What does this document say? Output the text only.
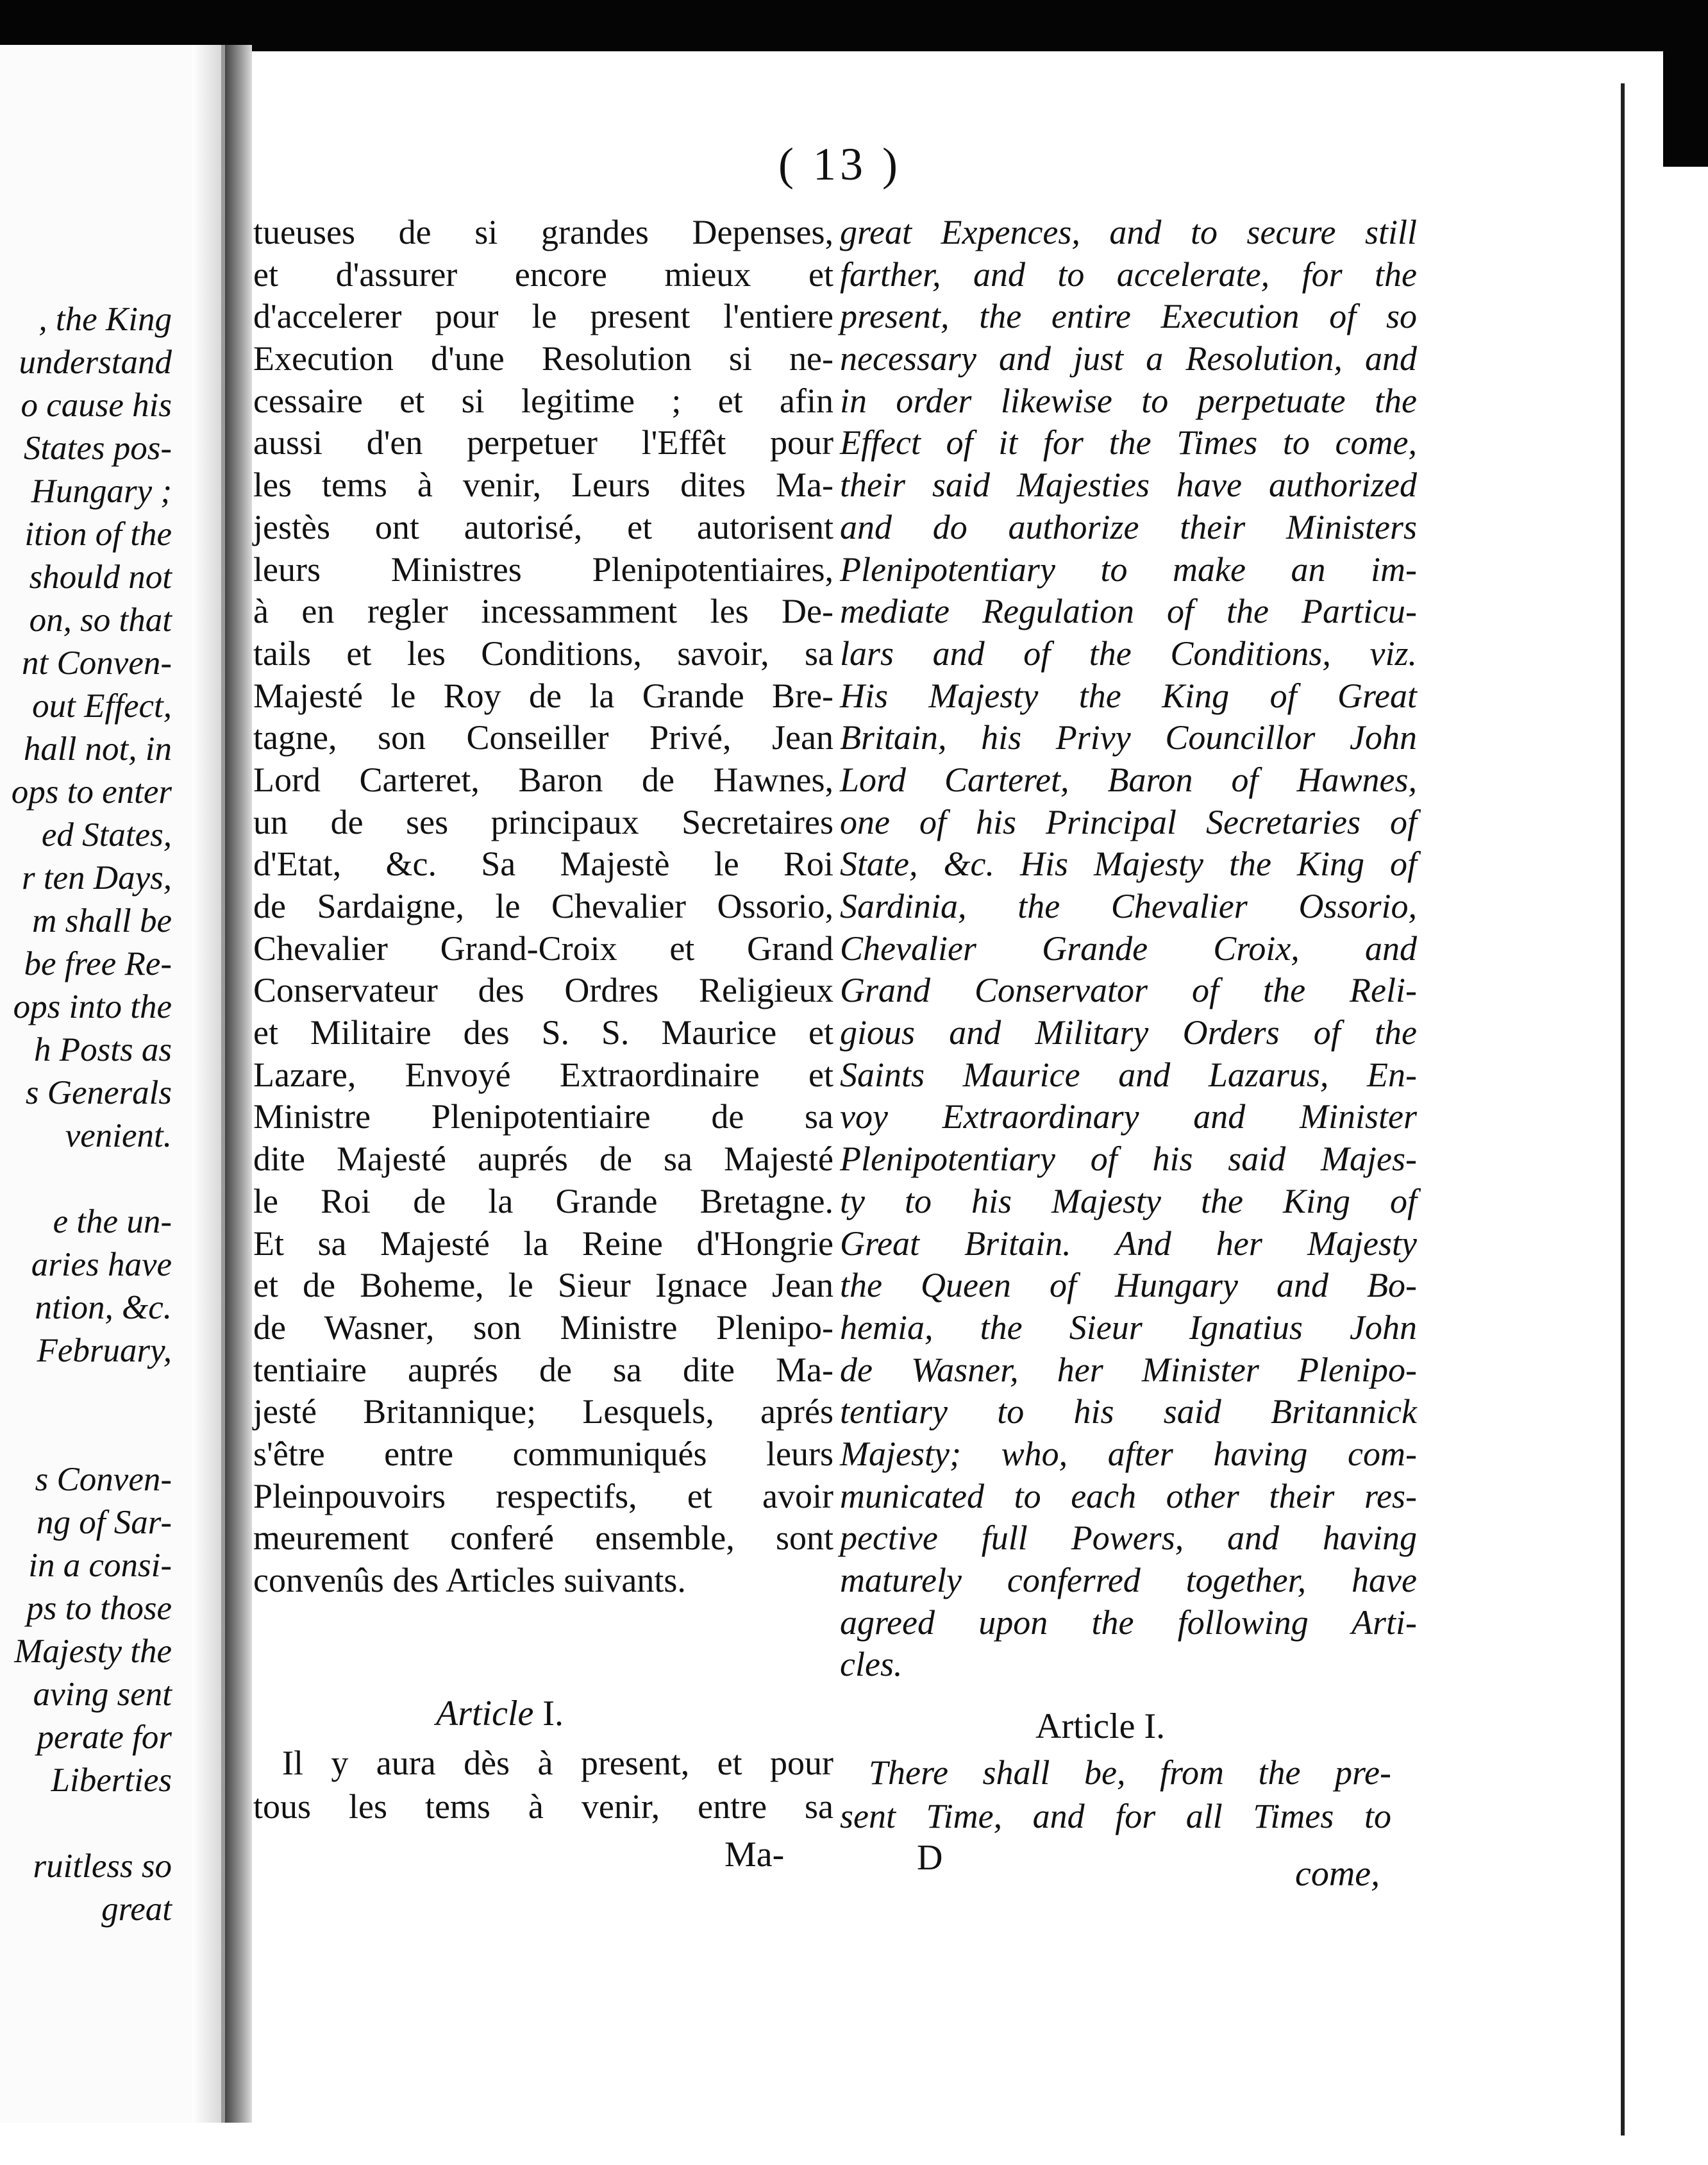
, the King
understand
o cause his
States pos-
Hungary ;
ition of the
should not
on, so that
nt Conven-
out Effect,
hall not, in
ops to enter
ed States,
r ten Days,
m shall be
be free Re-
ops into the
h Posts as
s Generals
venient.
e the un-
aries have
ntion, &c.
February,
s Conven-
ng of Sar-
in a consi-
ps to those
Majesty the
aving sent
perate for
Liberties
ruitless so
great
( 13 )
tueuses de si grandes Depenses,
et d'assurer encore mieux et
d'accelerer pour le present l'entiere
Execution d'une Resolution si ne-
cessaire et si legitime ; et afin
aussi d'en perpetuer l'Effêt pour
les tems à venir, Leurs dites Ma-
jestès ont autorisé, et autorisent
leurs Ministres Plenipotentiaires,
à en regler incessamment les De-
tails et les Conditions, savoir, sa
Majesté le Roy de la Grande Bre-
tagne, son Conseiller Privé, Jean
Lord Carteret, Baron de Hawnes,
un de ses principaux Secretaires
d'Etat, &c. Sa Majestè le Roi
de Sardaigne, le Chevalier Ossorio,
Chevalier Grand-Croix et Grand
Conservateur des Ordres Religieux
et Militaire des S. S. Maurice et
Lazare, Envoyé Extraordinaire et
Ministre Plenipotentiaire de sa
dite Majesté auprés de sa Majesté
le Roi de la Grande Bretagne.
Et sa Majesté la Reine d'Hongrie
et de Boheme, le Sieur Ignace Jean
de Wasner, son Ministre Plenipo-
tentiaire auprés de sa dite Ma-
jesté Britannique; Lesquels, aprés
s'être entre communiqués leurs
Pleinpouvoirs respectifs, et avoir
meurement conferé ensemble, sont
convenûs des Articles suivants.
great Expences, and to secure still
farther, and to accelerate, for the
present, the entire Execution of so
necessary and just a Resolution, and
in order likewise to perpetuate the
Effect of it for the Times to come,
their said Majesties have authorized
and do authorize their Ministers
Plenipotentiary to make an im-
mediate Regulation of the Particu-
lars and of the Conditions, viz.
His Majesty the King of Great
Britain, his Privy Councillor John
Lord Carteret, Baron of Hawnes,
one of his Principal Secretaries of
State, &c. His Majesty the King of
Sardinia, the Chevalier Ossorio,
Chevalier Grande Croix, and
Grand Conservator of the Reli-
gious and Military Orders of the
Saints Maurice and Lazarus, En-
voy Extraordinary and Minister
Plenipotentiary of his said Majes-
ty to his Majesty the King of
Great Britain. And her Majesty
the Queen of Hungary and Bo-
hemia, the Sieur Ignatius John
de Wasner, her Minister Plenipo-
tentiary to his said Britannick
Majesty; who, after having com-
municated to each other their res-
pective full Powers, and having
maturely conferred together, have
agreed upon the following Arti-
cles.
Article I.	Article I.
Il y aura dès à present, et pour
tous les tems à venir, entre sa
There shall be, from the pre-
sent Time, and for all Times to
Ma-	D	come,
